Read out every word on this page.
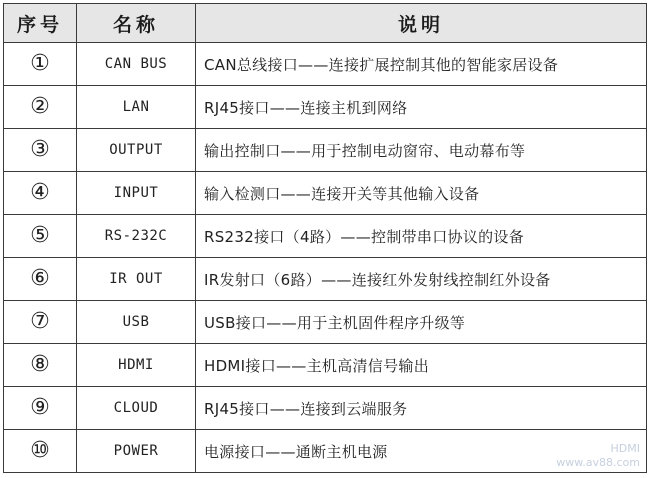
序号	名称	说明
①	CAN BUS	CAN总线接口——连接扩展控制其他的智能家居设备
②	LAN	RJ45接口——连接主机到网络
③	OUTPUT	输出控制口——用于控制电动窗帘、电动幕布等
④	INPUT	输入检测口——连接开关等其他输入设备
⑤	RS-232C	RS232接口（4路）——控制带串口协议的设备
⑥	IR OUT	IR发射口（6路）——连接红外发射线控制红外设备
⑦	USB	USB接口——用于主机固件程序升级等
⑧	HDMI	HDMI接口——主机高清信号输出
⑨	CLOUD	RJ45接口——连接到云端服务
⑩	POWER	电源接口——通断主机电源	HDMI
www.av88.com
